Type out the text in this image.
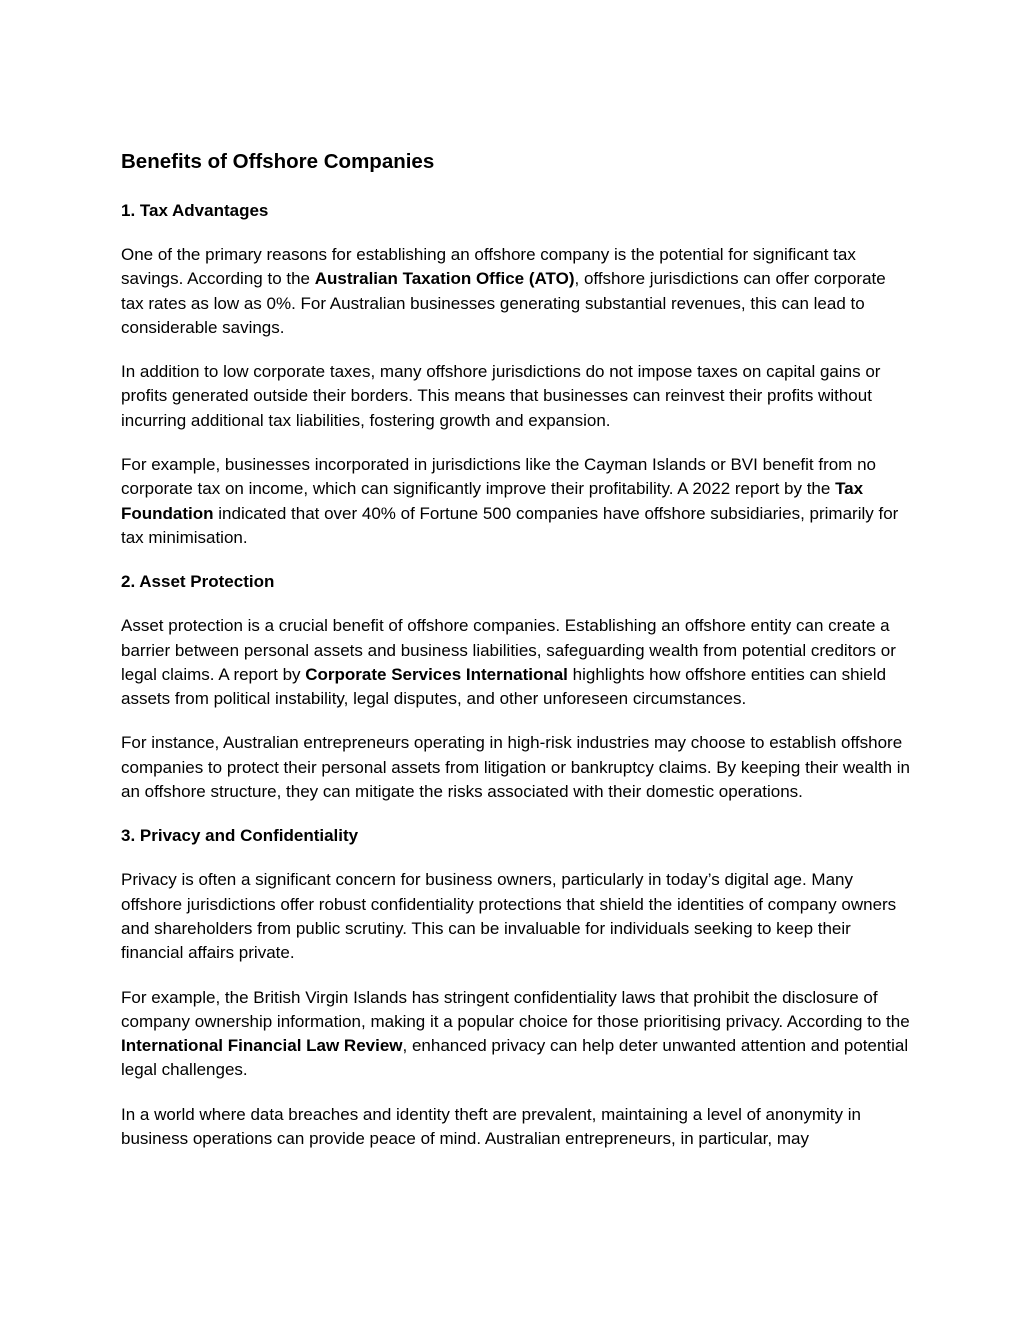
Benefits of Offshore Companies
1. Tax Advantages

One of the primary reasons for establishing an offshore company is the potential for significant tax savings. According to the Australian Taxation Office (ATO), offshore jurisdictions can offer corporate tax rates as low as 0%. For Australian businesses generating substantial revenues, this can lead to considerable savings.

In addition to low corporate taxes, many offshore jurisdictions do not impose taxes on capital gains or profits generated outside their borders. This means that businesses can reinvest their profits without incurring additional tax liabilities, fostering growth and expansion.

For example, businesses incorporated in jurisdictions like the Cayman Islands or BVI benefit from no corporate tax on income, which can significantly improve their profitability. A 2022 report by the Tax Foundation indicated that over 40% of Fortune 500 companies have offshore subsidiaries, primarily for tax minimisation.

2. Asset Protection

Asset protection is a crucial benefit of offshore companies. Establishing an offshore entity can create a barrier between personal assets and business liabilities, safeguarding wealth from potential creditors or legal claims. A report by Corporate Services International highlights how offshore entities can shield assets from political instability, legal disputes, and other unforeseen circumstances.

For instance, Australian entrepreneurs operating in high-risk industries may choose to establish offshore companies to protect their personal assets from litigation or bankruptcy claims. By keeping their wealth in an offshore structure, they can mitigate the risks associated with their domestic operations.

3. Privacy and Confidentiality

Privacy is often a significant concern for business owners, particularly in today’s digital age. Many offshore jurisdictions offer robust confidentiality protections that shield the identities of company owners and shareholders from public scrutiny. This can be invaluable for individuals seeking to keep their financial affairs private.

For example, the British Virgin Islands has stringent confidentiality laws that prohibit the disclosure of company ownership information, making it a popular choice for those prioritising privacy. According to the International Financial Law Review, enhanced privacy can help deter unwanted attention and potential legal challenges.

In a world where data breaches and identity theft are prevalent, maintaining a level of anonymity in business operations can provide peace of mind. Australian entrepreneurs, in particular, may
